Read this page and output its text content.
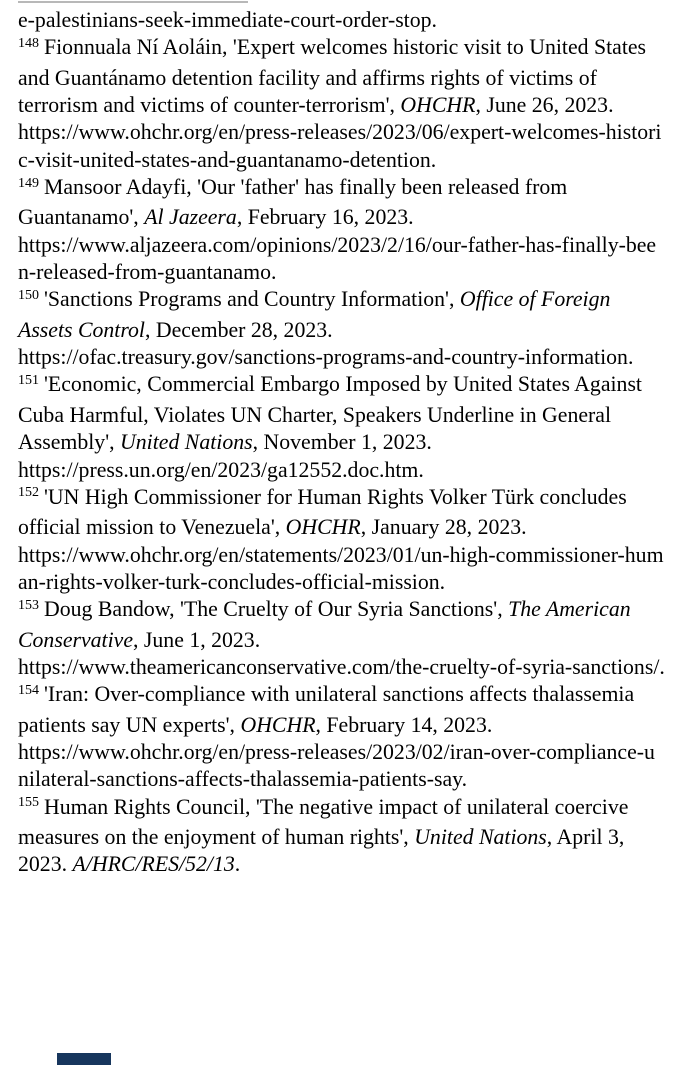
e-palestinians-seek-immediate-court-order-stop.
$^{148}$ Fionnuala Ní Aoláin, 'Expert welcomes historic visit to United States
and Guantánamo detention facility and affirms rights of victims of
terrorism and victims of counter-terrorism', OHCHR, June 26, 2023.
https://www.ohchr.org/en/press-releases/2023/06/expert-welcomes-histori
c-visit-united-states-and-guantanamo-detention.
$^{149}$ Mansoor Adayfi, 'Our 'father' has finally been released from
Guantanamo', Al Jazeera, February 16, 2023.
https://www.aljazeera.com/opinions/2023/2/16/our-father-has-finally-bee
n-released-from-guantanamo.
$^{150}$ 'Sanctions Programs and Country Information', Office of Foreign
Assets Control, December 28, 2023.
https://ofac.treasury.gov/sanctions-programs-and-country-information.
$^{151}$ 'Economic, Commercial Embargo Imposed by United States Against
Cuba Harmful, Violates UN Charter, Speakers Underline in General
Assembly', United Nations, November 1, 2023.
https://press.un.org/en/2023/ga12552.doc.htm.
$^{152}$ 'UN High Commissioner for Human Rights Volker Türk concludes
official mission to Venezuela', OHCHR, January 28, 2023.
https://www.ohchr.org/en/statements/2023/01/un-high-commissioner-hum
an-rights-volker-turk-concludes-official-mission.
$^{153}$ Doug Bandow, 'The Cruelty of Our Syria Sanctions', The American
Conservative, June 1, 2023.
https://www.theamericanconservative.com/the-cruelty-of-syria-sanctions/.
$^{154}$ 'Iran: Over-compliance with unilateral sanctions affects thalassemia
patients say UN experts', OHCHR, February 14, 2023.
https://www.ohchr.org/en/press-releases/2023/02/iran-over-compliance-u
nilateral-sanctions-affects-thalassemia-patients-say.
$^{155}$ Human Rights Council, 'The negative impact of unilateral coercive
measures on the enjoyment of human rights', United Nations, April 3,
2023. A/HRC/RES/52/13.
